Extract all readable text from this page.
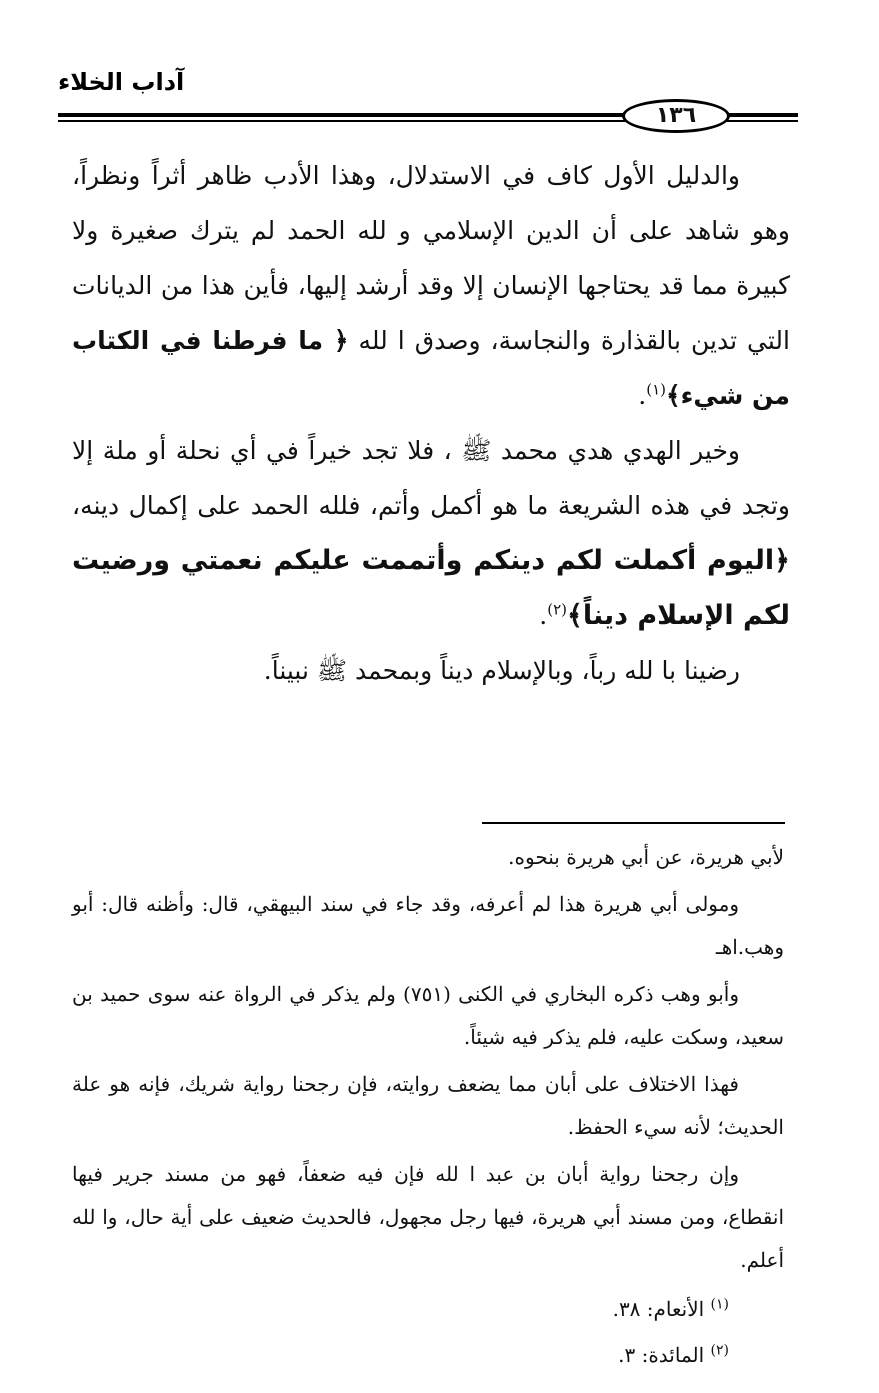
آداب الخلاء
١٣٦

والدليل الأول كاف في الاستدلال، وهذا الأدب ظاهر أثراً ونظراً، وهو شاهد على أن الدين الإسلامي و لله الحمد لم يترك صغيرة ولا كبيرة مما قد يحتاجها الإنسان إلا وقد أرشد إليها، فأين هذا من الديانات التي تدين بالقذارة والنجاسة، وصدق ا لله ﴿ ما فرطنا في الكتاب من شيء﴾$^{(١)}$.

وخير الهدي هدي محمد ﷺ ، فلا تجد خيراً في أي نحلة أو ملة إلا وتجد في هذه الشريعة ما هو أكمل وأتم، فلله الحمد على إكمال دينه، ﴿اليوم أكملت لكم دينكم وأتممت عليكم نعمتي ورضيت لكم الإسلام ديناً﴾$^{(٢)}$.

رضينا با لله رباً، وبالإسلام ديناً وبمحمد ﷺ نبيناً.

لأبي هريرة، عن أبي هريرة بنحوه.

ومولى أبي هريرة هذا لم أعرفه، وقد جاء في سند البيهقي، قال: وأظنه قال: أبو وهب.اهـ

وأبو وهب ذكره البخاري في الكنى (٧٥١) ولم يذكر في الرواة عنه سوى حميد بن سعيد، وسكت عليه، فلم يذكر فيه شيئاً.

فهذا الاختلاف على أبان مما يضعف روايته، فإن رجحنا رواية شريك، فإنه هو علة الحديث؛ لأنه سيء الحفظ.

وإن رجحنا رواية أبان بن عبد ا لله فإن فيه ضعفاً، فهو من مسند جرير فيها انقطاع، ومن مسند أبي هريرة، فيها رجل مجهول، فالحديث ضعيف على أية حال، وا لله أعلم.

$^{(١)}$ الأنعام: ٣٨.

$^{(٢)}$ المائدة: ٣.
